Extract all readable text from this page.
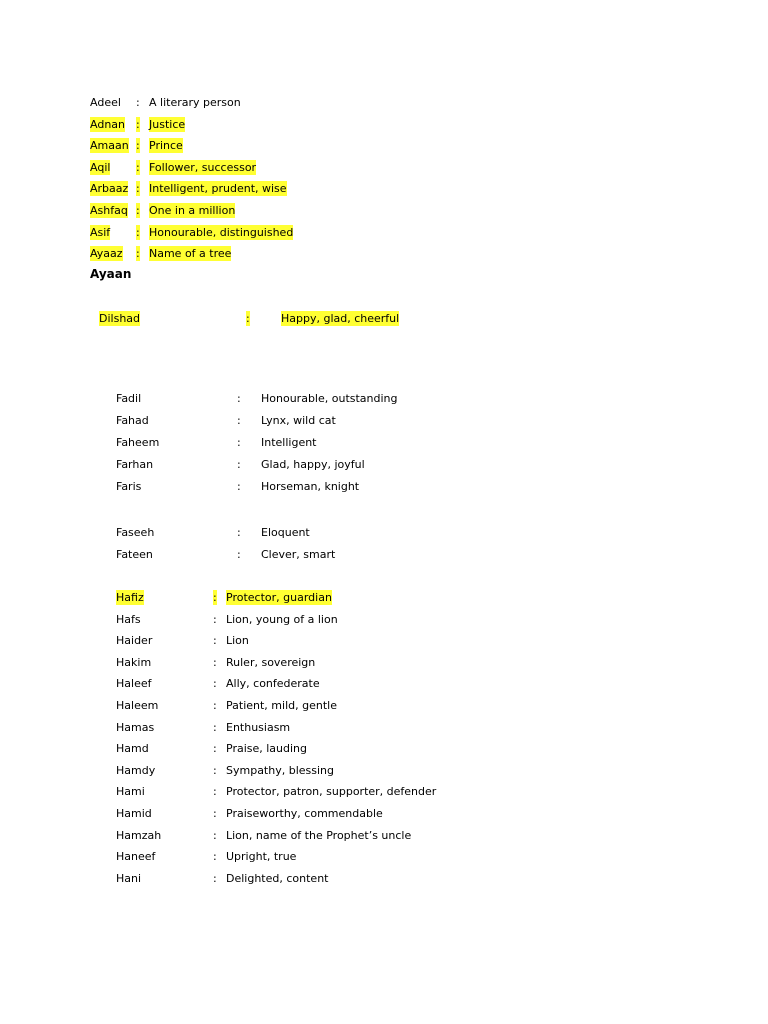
Adeel : A literary person
Adnan : Justice
Amaan : Prince
Aqil : Follower, successor
Arbaaz : Intelligent, prudent, wise
Ashfaq : One in a million
Asif : Honourable, distinguished
Ayaaz : Name of a tree
Ayaan
Dilshad	:	Happy, glad, cheerful
Fadil	: Honourable, outstanding
Fahad	: Lynx, wild cat
Faheem	: Intelligent
Farhan	: Glad, happy, joyful
Faris	: Horseman, knight
Faseeh	: Eloquent
Fateen	: Clever, smart
Hafiz	: Protector, guardian
Hafs	: Lion, young of a lion
Haider	: Lion
Hakim	: Ruler, sovereign
Haleef	: Ally, confederate
Haleem	: Patient, mild, gentle
Hamas	: Enthusiasm
Hamd	: Praise, lauding
Hamdy	: Sympathy, blessing
Hami	: Protector, patron, supporter, defender
Hamid	: Praiseworthy, commendable
Hamzah	: Lion, name of the Prophet’s uncle
Haneef	: Upright, true
Hani	: Delighted, content
